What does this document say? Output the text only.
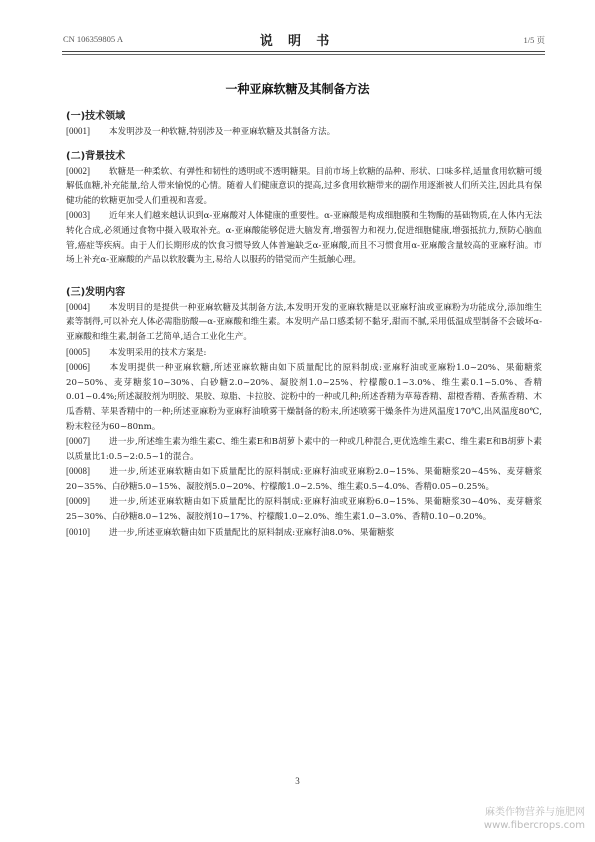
CN 106359805 A	说 明 书	1/5 页
一种亚麻软糖及其制备方法
(一)技术领域

[0001] 本发明涉及一种软糖,特别涉及一种亚麻软糖及其制备方法。

(二)背景技术

[0002] 软糖是一种柔软、有弹性和韧性的透明或不透明糖果。目前市场上软糖的品种、形状、口味多样,适量食用软糖可缓解低血糖,补充能量,给人带来愉悦的心情。随着人们健康意识的提高,过多食用软糖带来的副作用逐渐被人们所关注,因此具有保健功能的软糖更加受人们重视和喜爱。

[0003] 近年来人们越来越认识到α-亚麻酸对人体健康的重要性。α-亚麻酸是构成细胞膜和生物酶的基础物质,在人体内无法转化合成,必须通过食物中摄入吸取补充。α-亚麻酸能够促进大脑发育,增强智力和视力,促进细胞健康,增强抵抗力,预防心脑血管,癌症等疾病。由于人们长期形成的饮食习惯导致人体普遍缺乏α-亚麻酸,而且不习惯食用α-亚麻酸含量较高的亚麻籽油。市场上补充α-亚麻酸的产品以软胶囊为主,易给人以服药的错觉而产生抵触心理。

(三)发明内容

[0004] 本发明目的是提供一种亚麻软糖及其制备方法,本发明开发的亚麻软糖是以亚麻籽油或亚麻粉为功能成分,添加维生素等制得,可以补充人体必需脂肪酸—α-亚麻酸和维生素。本发明产品口感柔韧不黏牙,甜而不腻,采用低温成型制备不会破坏α-亚麻酸和维生素,制备工艺简单,适合工业化生产。

[0005] 本发明采用的技术方案是:

[0006] 本发明提供一种亚麻软糖,所述亚麻软糖由如下质量配比的原料制成:亚麻籽油或亚麻粉1.0~20%、果葡糖浆20~50%、麦芽糖浆10~30%、白砂糖2.0~20%、凝胶剂1.0~25%、柠檬酸0.1~3.0%、维生素0.1~5.0%、香精0.01~0.4%;所述凝胶剂为明胶、果胶、琼脂、卡拉胶、淀粉中的一种或几种;所述香精为草莓香精、甜橙香精、香蕉香精、木瓜香精、苹果香精中的一种;所述亚麻粉为亚麻籽油喷雾干燥制备的粉末,所述喷雾干燥条件为进风温度170℃,出风温度80℃,粉末粒径为60~80nm。

[0007] 进一步,所述维生素为维生素C、维生素E和B胡萝卜素中的一种或几种混合,更优选维生素C、维生素E和B胡萝卜素以质量比1:0.5~2:0.5~1的混合。

[0008] 进一步,所述亚麻软糖由如下质量配比的原料制成:亚麻籽油或亚麻粉2.0~15%、果葡糖浆20~45%、麦芽糖浆20~35%、白砂糖5.0~15%、凝胶剂5.0~20%、柠檬酸1.0~2.5%、维生素0.5~4.0%、香精0.05~0.25%。

[0009] 进一步,所述亚麻软糖由如下质量配比的原料制成:亚麻籽油或亚麻粉6.0~15%、果葡糖浆30~40%、麦芽糖浆25~30%、白砂糖8.0~12%、凝胶剂10~17%、柠檬酸1.0~2.0%、维生素1.0~3.0%、香精0.10~0.20%。

[0010] 进一步,所述亚麻软糖由如下质量配比的原料制成:亚麻籽油8.0%、果葡糖浆

3
麻类作物营养与施肥网
www.fibercrops.com
